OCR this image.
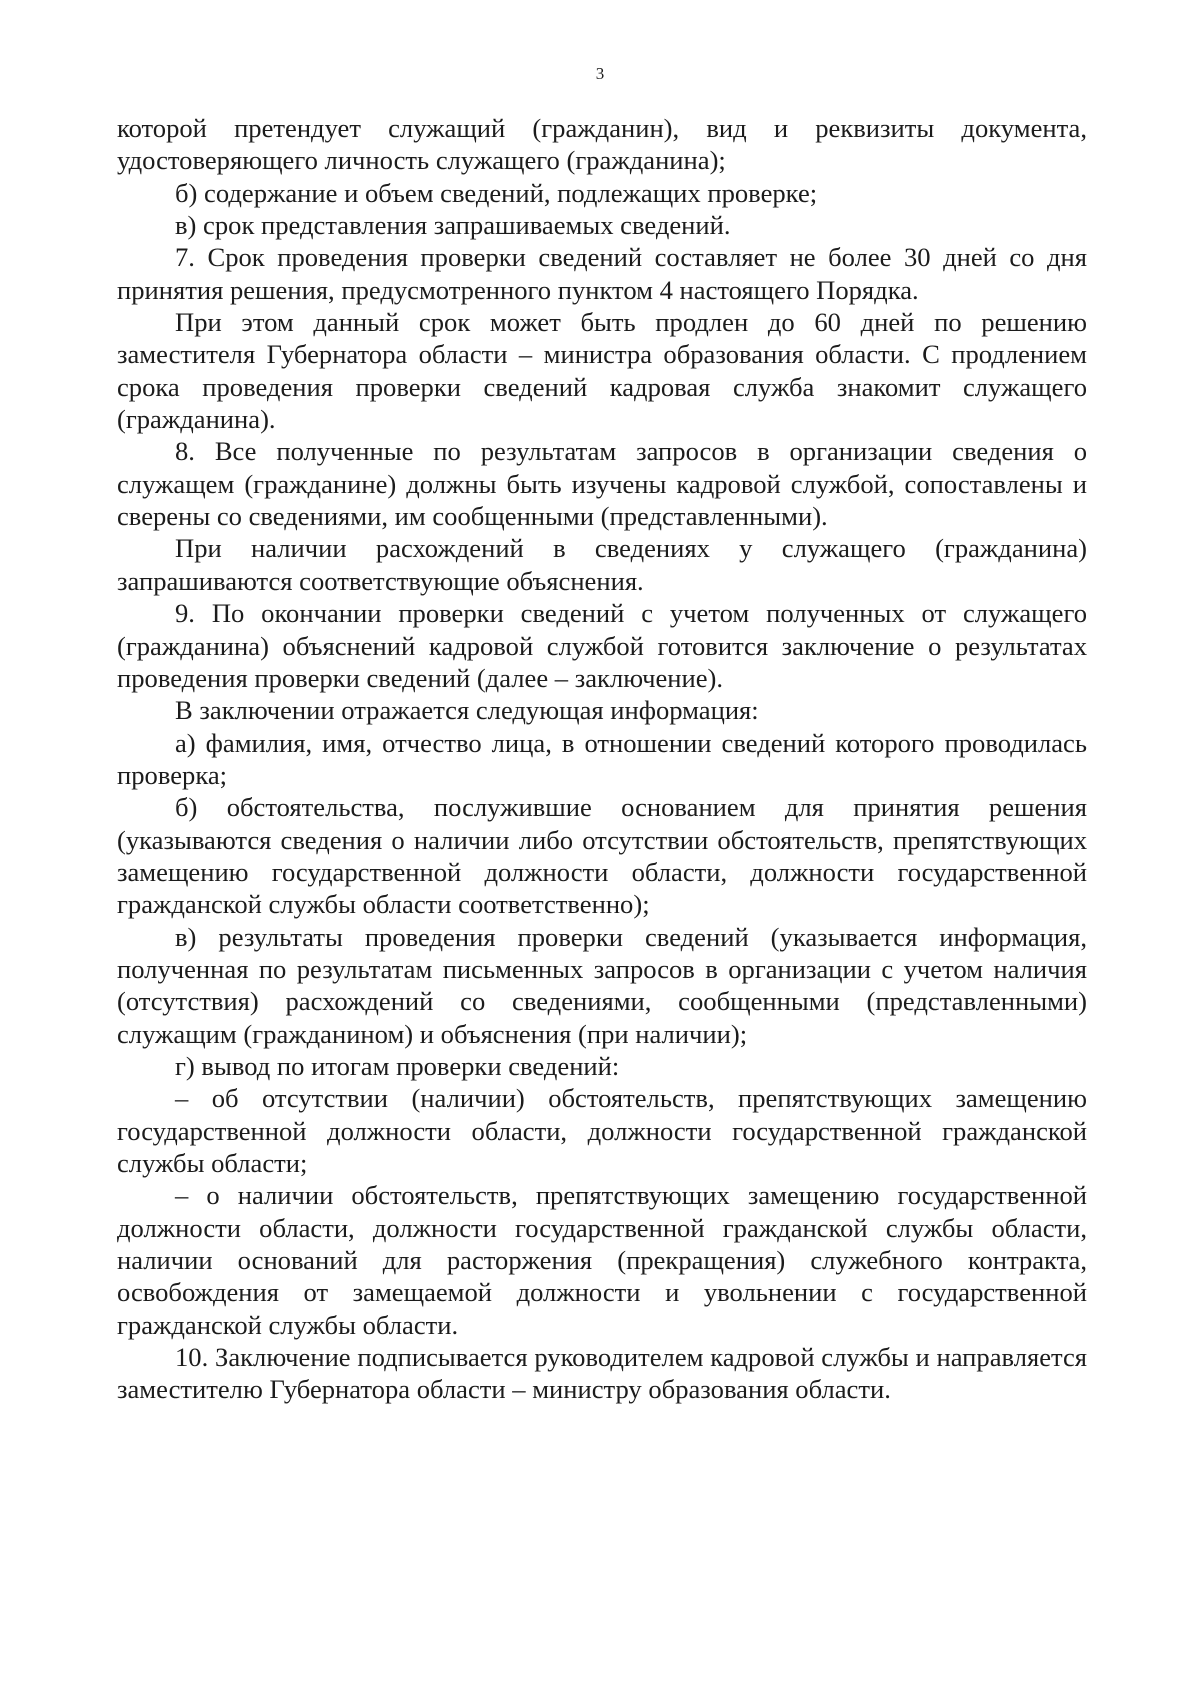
3

которой претендует служащий (гражданин), вид и реквизиты документа, удостоверяющего личность служащего (гражданина);

б) содержание и объем сведений, подлежащих проверке;

в) срок представления запрашиваемых сведений.

7. Срок проведения проверки сведений составляет не более 30 дней со дня принятия решения, предусмотренного пунктом 4 настоящего Порядка.

При этом данный срок может быть продлен до 60 дней по решению заместителя Губернатора области – министра образования области. С продлением срока проведения проверки сведений кадровая служба знакомит служащего (гражданина).

8. Все полученные по результатам запросов в организации сведения о служащем (гражданине) должны быть изучены кадровой службой, сопоставлены и сверены со сведениями, им сообщенными (представленными).

При наличии расхождений в сведениях у служащего (гражданина) запрашиваются соответствующие объяснения.

9. По окончании проверки сведений с учетом полученных от служащего (гражданина) объяснений кадровой службой готовится заключение о результатах проведения проверки сведений (далее – заключение).

В заключении отражается следующая информация:

а) фамилия, имя, отчество лица, в отношении сведений которого проводилась проверка;

б) обстоятельства, послужившие основанием для принятия решения (указываются сведения о наличии либо отсутствии обстоятельств, препятствующих замещению государственной должности области, должности государственной гражданской службы области соответственно);

в) результаты проведения проверки сведений (указывается информация, полученная по результатам письменных запросов в организации с учетом наличия (отсутствия) расхождений со сведениями, сообщенными (представленными) служащим (гражданином) и объяснения (при наличии);

г) вывод по итогам проверки сведений:

– об отсутствии (наличии) обстоятельств, препятствующих замещению государственной должности области, должности государственной гражданской службы области;

– о наличии обстоятельств, препятствующих замещению государственной должности области, должности государственной гражданской службы области, наличии оснований для расторжения (прекращения) служебного контракта, освобождения от замещаемой должности и увольнении с государственной гражданской службы области.

10. Заключение подписывается руководителем кадровой службы и направляется заместителю Губернатора области – министру образования области.
